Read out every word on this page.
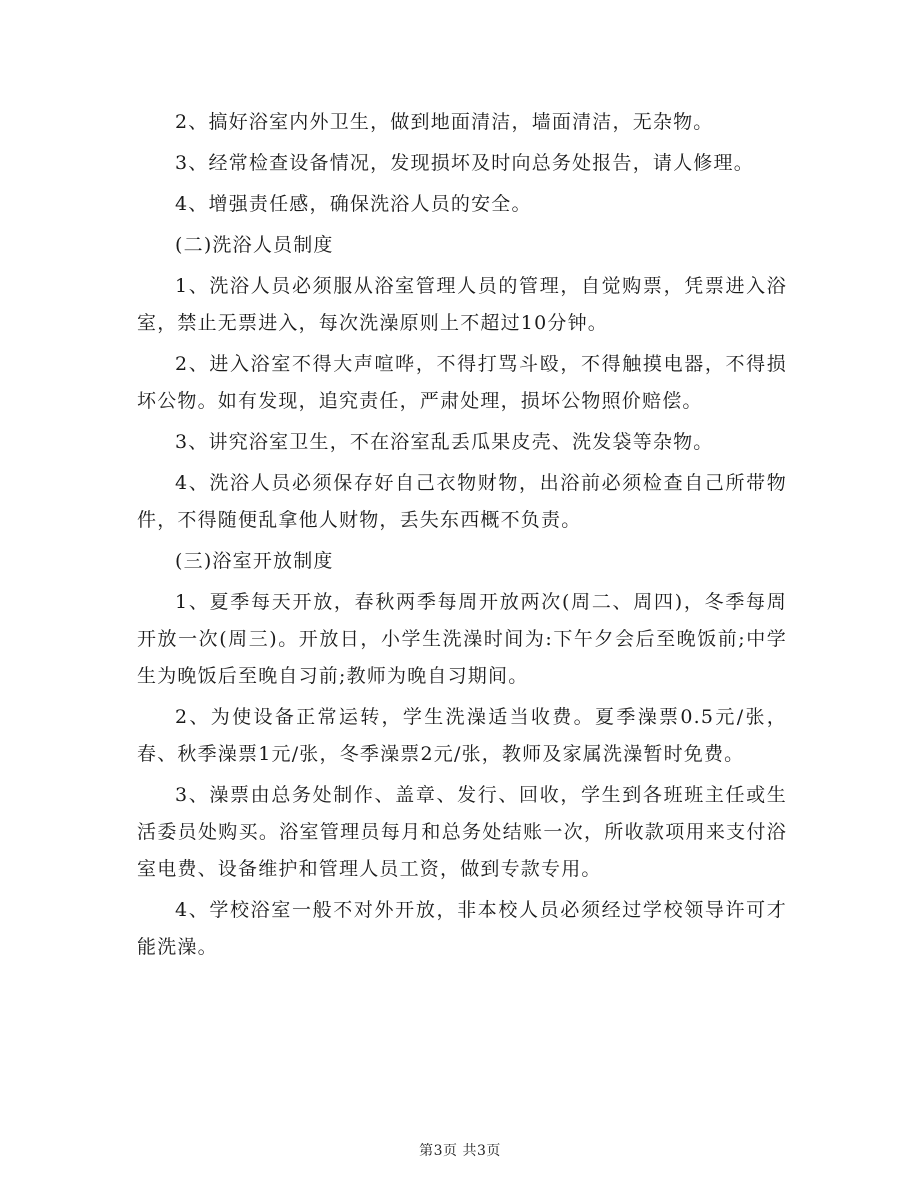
2、搞好浴室内外卫生，做到地面清洁，墙面清洁，无杂物。

3、经常检查设备情况，发现损坏及时向总务处报告，请人修理。

4、增强责任感，确保洗浴人员的安全。

(二)洗浴人员制度

1、洗浴人员必须服从浴室管理人员的管理，自觉购票，凭票进入浴室，禁止无票进入，每次洗澡原则上不超过10分钟。

2、进入浴室不得大声喧哗，不得打骂斗殴，不得触摸电器，不得损坏公物。如有发现，追究责任，严肃处理，损坏公物照价赔偿。

3、讲究浴室卫生，不在浴室乱丢瓜果皮壳、洗发袋等杂物。

4、洗浴人员必须保存好自己衣物财物，出浴前必须检查自己所带物件，不得随便乱拿他人财物，丢失东西概不负责。

(三)浴室开放制度

1、夏季每天开放，春秋两季每周开放两次(周二、周四)，冬季每周开放一次(周三)。开放日，小学生洗澡时间为:下午夕会后至晚饭前;中学生为晚饭后至晚自习前;教师为晚自习期间。

2、为使设备正常运转，学生洗澡适当收费。夏季澡票0.5元/张，春、秋季澡票1元/张，冬季澡票2元/张，教师及家属洗澡暂时免费。

3、澡票由总务处制作、盖章、发行、回收，学生到各班班主任或生活委员处购买。浴室管理员每月和总务处结账一次，所收款项用来支付浴室电费、设备维护和管理人员工资，做到专款专用。

4、学校浴室一般不对外开放，非本校人员必须经过学校领导许可才能洗澡。

第3页 共3页
